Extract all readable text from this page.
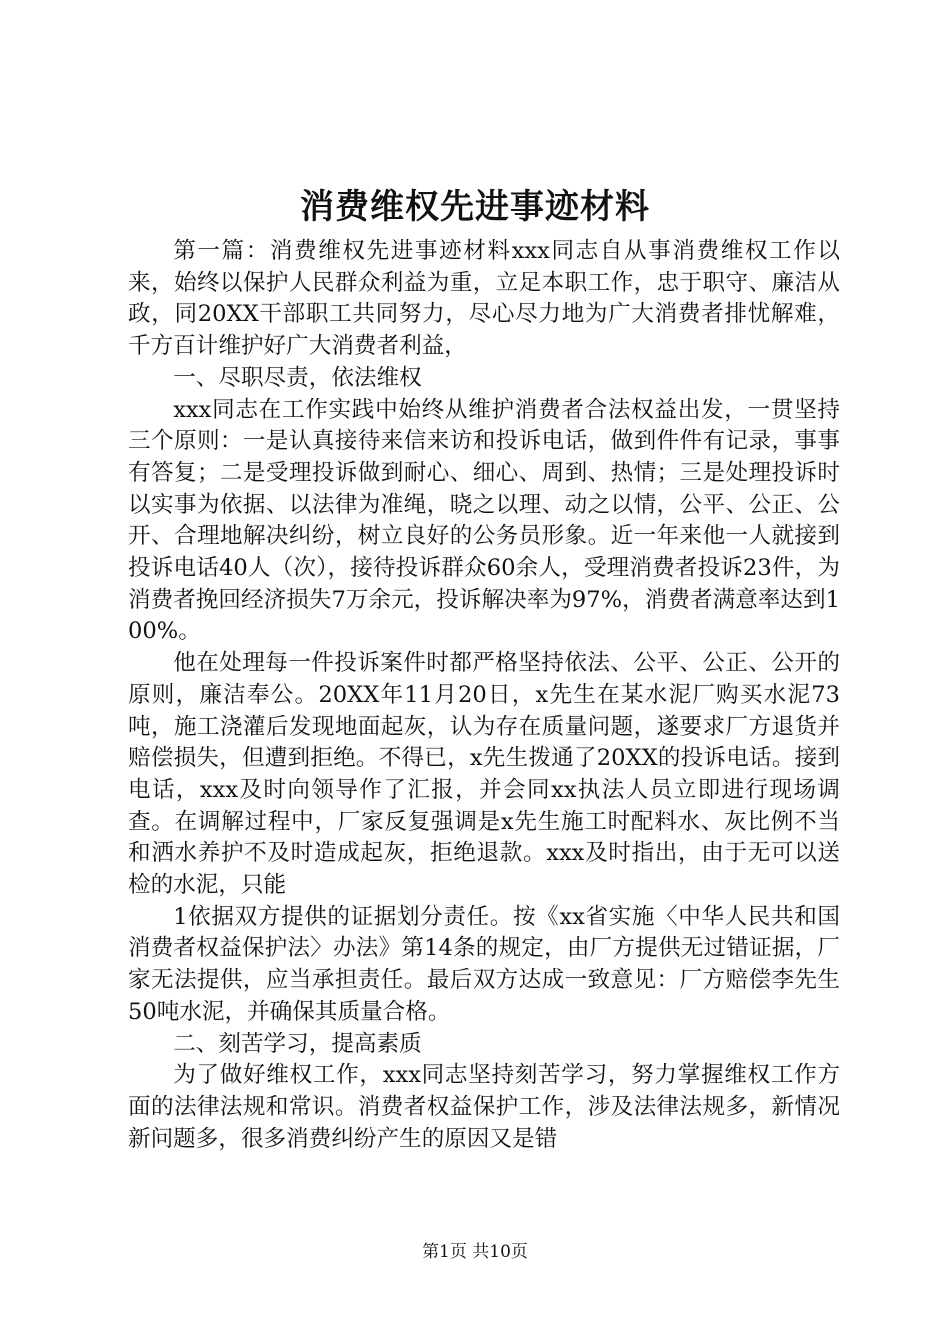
消费维权先进事迹材料

第一篇：消费维权先进事迹材料xxx同志自从事消费维权工作以来，始终以保护人民群众利益为重，立足本职工作，忠于职守、廉洁从政，同20XX干部职工共同努力，尽心尽力地为广大消费者排忧解难，千方百计维护好广大消费者利益，

一、尽职尽责，依法维权

xxx同志在工作实践中始终从维护消费者合法权益出发，一贯坚持三个原则：一是认真接待来信来访和投诉电话，做到件件有记录，事事有答复；二是受理投诉做到耐心、细心、周到、热情；三是处理投诉时以实事为依据、以法律为准绳，晓之以理、动之以情，公平、公正、公开、合理地解决纠纷，树立良好的公务员形象。近一年来他一人就接到投诉电话40人（次），接待投诉群众60余人，受理消费者投诉23件，为消费者挽回经济损失7万余元，投诉解决率为97%，消费者满意率达到100%。

他在处理每一件投诉案件时都严格坚持依法、公平、公正、公开的原则，廉洁奉公。20XX年11月20日，x先生在某水泥厂购买水泥73吨，施工浇灌后发现地面起灰，认为存在质量问题，遂要求厂方退货并赔偿损失，但遭到拒绝。不得已，x先生拨通了20XX的投诉电话。接到电话，xxx及时向领导作了汇报，并会同xx执法人员立即进行现场调查。在调解过程中，厂家反复强调是x先生施工时配料水、灰比例不当和洒水养护不及时造成起灰，拒绝退款。xxx及时指出，由于无可以送检的水泥，只能

1依据双方提供的证据划分责任。按《xx省实施〈中华人民共和国消费者权益保护法〉办法》第14条的规定，由厂方提供无过错证据，厂家无法提供，应当承担责任。最后双方达成一致意见：厂方赔偿李先生50吨水泥，并确保其质量合格。

二、刻苦学习，提高素质

为了做好维权工作，xxx同志坚持刻苦学习，努力掌握维权工作方面的法律法规和常识。消费者权益保护工作，涉及法律法规多，新情况新问题多，很多消费纠纷产生的原因又是错

第1页 共10页
